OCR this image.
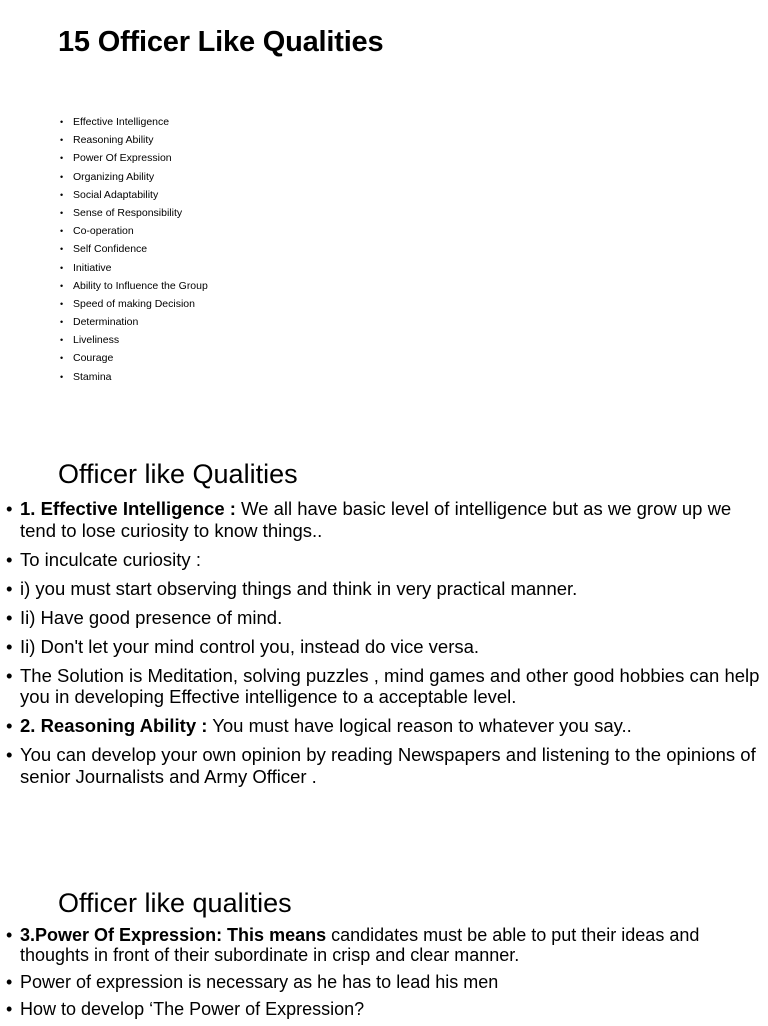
15 Officer Like Qualities
• Effective Intelligence
• Reasoning Ability
• Power Of Expression
• Organizing Ability
• Social Adaptability
• Sense of Responsibility
• Co-operation
• Self Confidence
• Initiative
• Ability to Influence the Group
• Speed of making Decision
• Determination
• Liveliness
• Courage
• Stamina
Officer like Qualities
• 1. Effective Intelligence : We all have basic level of intelligence but as we grow up we tend to lose curiosity to know things..
• To inculcate curiosity :
• i) you must start observing things and think in very practical manner.
• Ii) Have good presence of mind.
• Ii) Don't let your mind control you, instead do vice versa.
• The Solution is Meditation, solving puzzles , mind games and other good hobbies can help you in developing Effective intelligence to a acceptable level.
• 2. Reasoning Ability : You must have logical reason to whatever you say..
• You can develop your own opinion by reading Newspapers and listening to the opinions of senior Journalists and Army Officer .
Officer like qualities
• 3.Power Of Expression: This means candidates must be able to put their ideas and thoughts in front of their subordinate in crisp and clear manner.
• Power of expression is necessary as he has to lead his men
• How to develop ‘The Power of Expression?
